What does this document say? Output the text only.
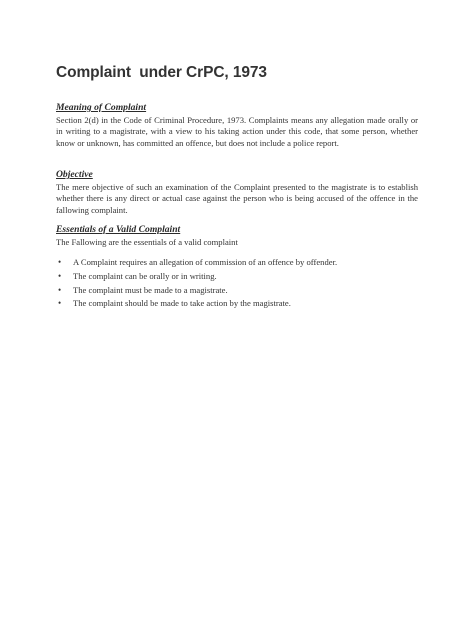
Complaint  under CrPC, 1973
Meaning of Complaint

Section 2(d) in the Code of Criminal Procedure, 1973. Complaints means any allegation made orally or in writing to a magistrate, with a view to his taking action under this code, that some person, whether know or unknown, has committed an offence, but does not include a police report.

Objective

The mere objective of such an examination of the Complaint presented to the magistrate is to establish whether there is any direct or actual case against the person who is being accused of the offence in the fallowing complaint.

Essentials of a Valid Complaint

The Fallowing are the essentials of a valid complaint

• A Complaint requires an allegation of commission of an offence by offender.
• The complaint can be orally or in writing.
• The complaint must be made to a magistrate.
• The complaint should be made to take action by the magistrate.
